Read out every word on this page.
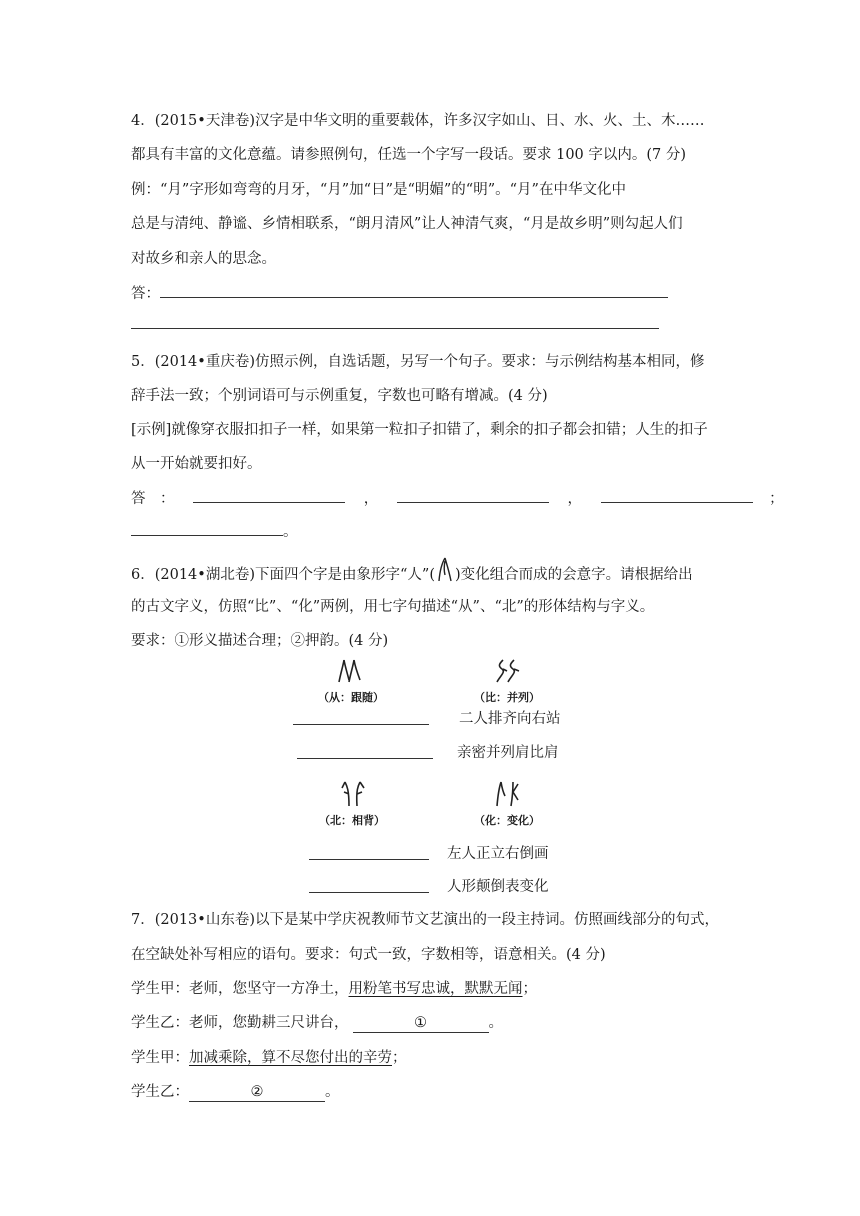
4．(2015•天津卷)汉字是中华文明的重要载体，许多汉字如山、日、水、火、土、木……
都具有丰富的文化意蕴。请参照例句，任选一个字写一段话。要求 100 字以内。(7 分)
例：“月”字形如弯弯的月牙，“月”加“日”是“明媚”的“明”。“月”在中华文化中
总是与清纯、静谧、乡情相联系，“朗月清风”让人神清气爽，“月是故乡明”则勾起人们
对故乡和亲人的思念。
答：
5．(2014•重庆卷)仿照示例，自选话题，另写一个句子。要求：与示例结构基本相同，修
辞手法一致；个别词语可与示例重复，字数也可略有增减。(4 分)
[示例]就像穿衣服扣扣子一样，如果第一粒扣子扣错了，剩余的扣子都会扣错；人生的扣子
从一开始就要扣好。
答　：	，	，	；
。
6．(2014•湖北卷)下面四个字是由象形字“人”( )变化组合而成的会意字。请根据给出
的古文字义，仿照“比”、“化”两例，用七字句描述“从”、“北”的形体结构与字义。
要求：①形义描述合理；②押韵。(4 分)
（从：跟随）	（比：并列）
二人排齐向右站
亲密并列肩比肩
（北：相背）	（化：变化）
左人正立右倒画
人形颠倒表变化
7．(2013•山东卷)以下是某中学庆祝教师节文艺演出的一段主持词。仿照画线部分的句式，
在空缺处补写相应的语句。要求：句式一致，字数相等，语意相关。(4 分)
学生甲：老师，您坚守一方净土，用粉笔书写忠诚，默默无闻；
学生乙：老师，您勤耕三尺讲台，	①	。
学生甲：加减乘除，算不尽您付出的辛劳；
学生乙：	②	。
